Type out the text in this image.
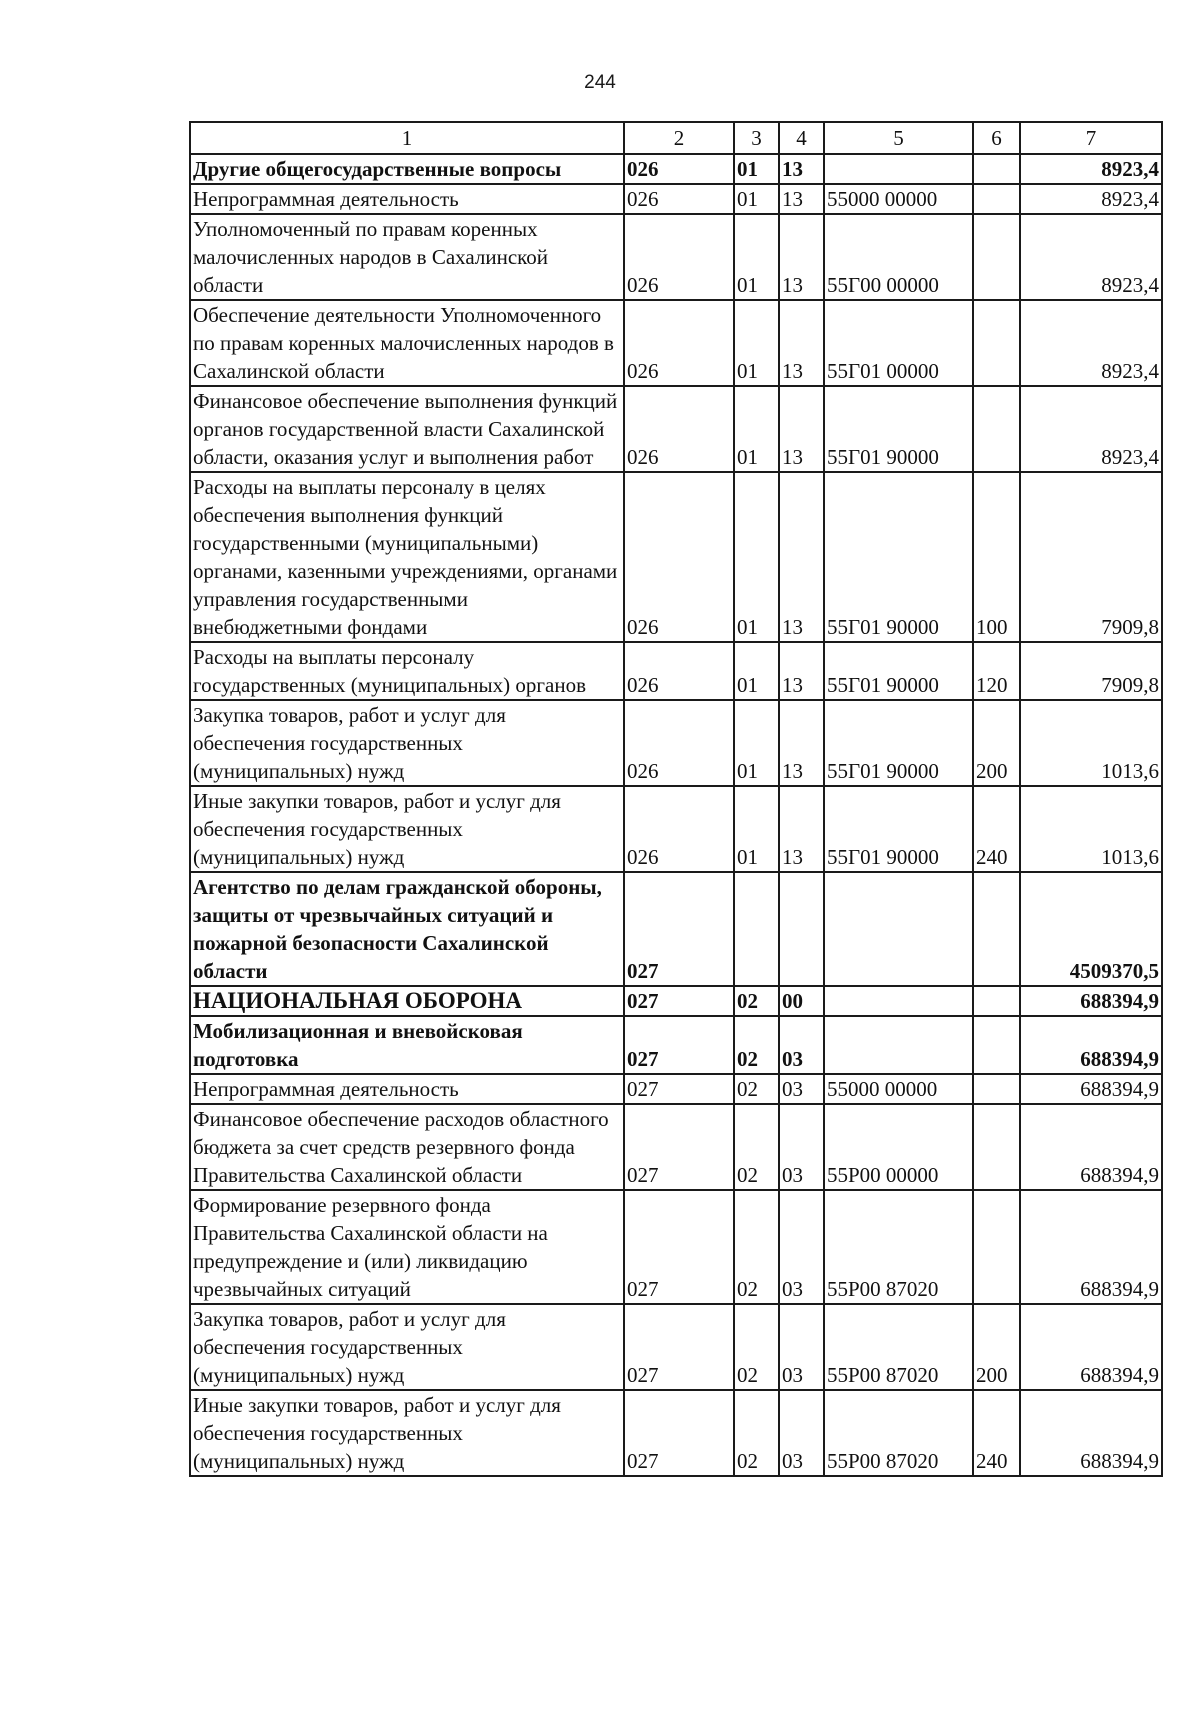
244
1	2	3	4	5	6	7
Другие общегосударственные вопросы	026	01	13			8923,4
Непрограммная деятельность	026	01	13	55000 00000		8923,4
Уполномоченный по правам коренных малочисленных народов в Сахалинской области	026	01	13	55Г00 00000		8923,4
Обеспечение деятельности Уполномоченного по правам коренных малочисленных народов в Сахалинской области	026	01	13	55Г01 00000		8923,4
Финансовое обеспечение выполнения функций органов государственной власти Сахалинской области, оказания услуг и выполнения работ	026	01	13	55Г01 90000		8923,4
Расходы на выплаты персоналу в целях обеспечения выполнения функций государственными (муниципальными) органами, казенными учреждениями, органами управления государственными внебюджетными фондами	026	01	13	55Г01 90000	100	7909,8
Расходы на выплаты персоналу государственных (муниципальных) органов	026	01	13	55Г01 90000	120	7909,8
Закупка товаров, работ и услуг для обеспечения государственных (муниципальных) нужд	026	01	13	55Г01 90000	200	1013,6
Иные закупки товаров, работ и услуг для обеспечения государственных (муниципальных) нужд	026	01	13	55Г01 90000	240	1013,6
Агентство по делам гражданской обороны, защиты от чрезвычайных ситуаций и пожарной безопасности Сахалинской области	027					4509370,5
НАЦИОНАЛЬНАЯ ОБОРОНА	027	02	00			688394,9
Мобилизационная и вневойсковая подготовка	027	02	03			688394,9
Непрограммная деятельность	027	02	03	55000 00000		688394,9
Финансовое обеспечение расходов областного бюджета за счет средств резервного фонда Правительства Сахалинской области	027	02	03	55Р00 00000		688394,9
Формирование резервного фонда Правительства Сахалинской области на предупреждение и (или) ликвидацию чрезвычайных ситуаций	027	02	03	55Р00 87020		688394,9
Закупка товаров, работ и услуг для обеспечения государственных (муниципальных) нужд	027	02	03	55Р00 87020	200	688394,9
Иные закупки товаров, работ и услуг для обеспечения государственных (муниципальных) нужд	027	02	03	55Р00 87020	240	688394,9
